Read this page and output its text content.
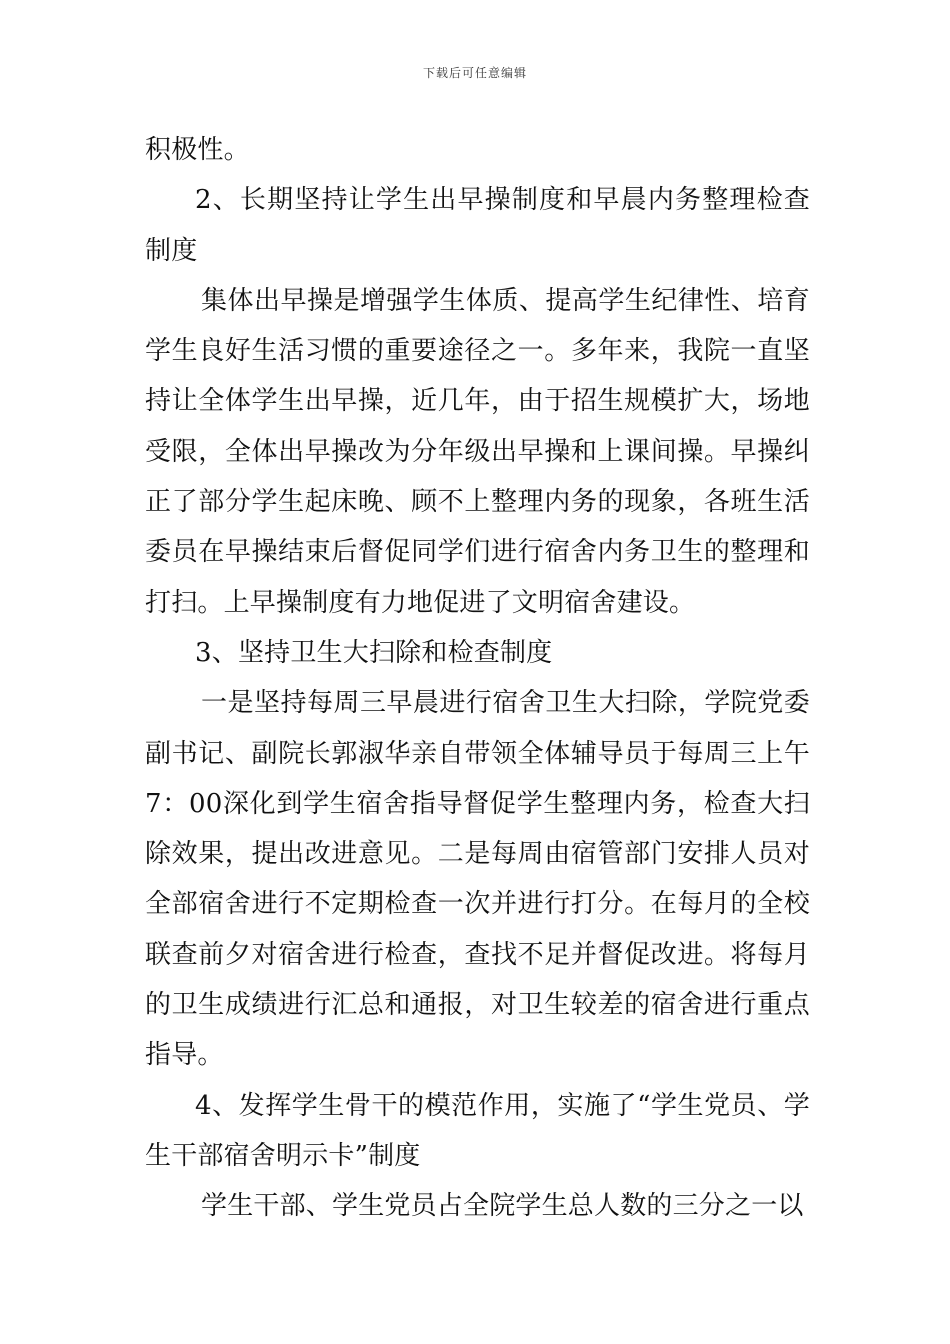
下载后可任意编辑

积极性。

2、长期坚持让学生出早操制度和早晨内务整理检查制度

集体出早操是增强学生体质、提高学生纪律性、培育学生良好生活习惯的重要途径之一。多年来，我院一直坚持让全体学生出早操，近几年，由于招生规模扩大，场地受限，全体出早操改为分年级出早操和上课间操。早操纠正了部分学生起床晚、顾不上整理内务的现象，各班生活委员在早操结束后督促同学们进行宿舍内务卫生的整理和打扫。上早操制度有力地促进了文明宿舍建设。

3、坚持卫生大扫除和检查制度

一是坚持每周三早晨进行宿舍卫生大扫除，学院党委副书记、副院长郭淑华亲自带领全体辅导员于每周三上午7：00深化到学生宿舍指导督促学生整理内务，检查大扫除效果，提出改进意见。二是每周由宿管部门安排人员对全部宿舍进行不定期检查一次并进行打分。在每月的全校联查前夕对宿舍进行检查，查找不足并督促改进。将每月的卫生成绩进行汇总和通报，对卫生较差的宿舍进行重点指导。

4、发挥学生骨干的模范作用，实施了“学生党员、学生干部宿舍明示卡”制度

学生干部、学生党员占全院学生总人数的三分之一以
